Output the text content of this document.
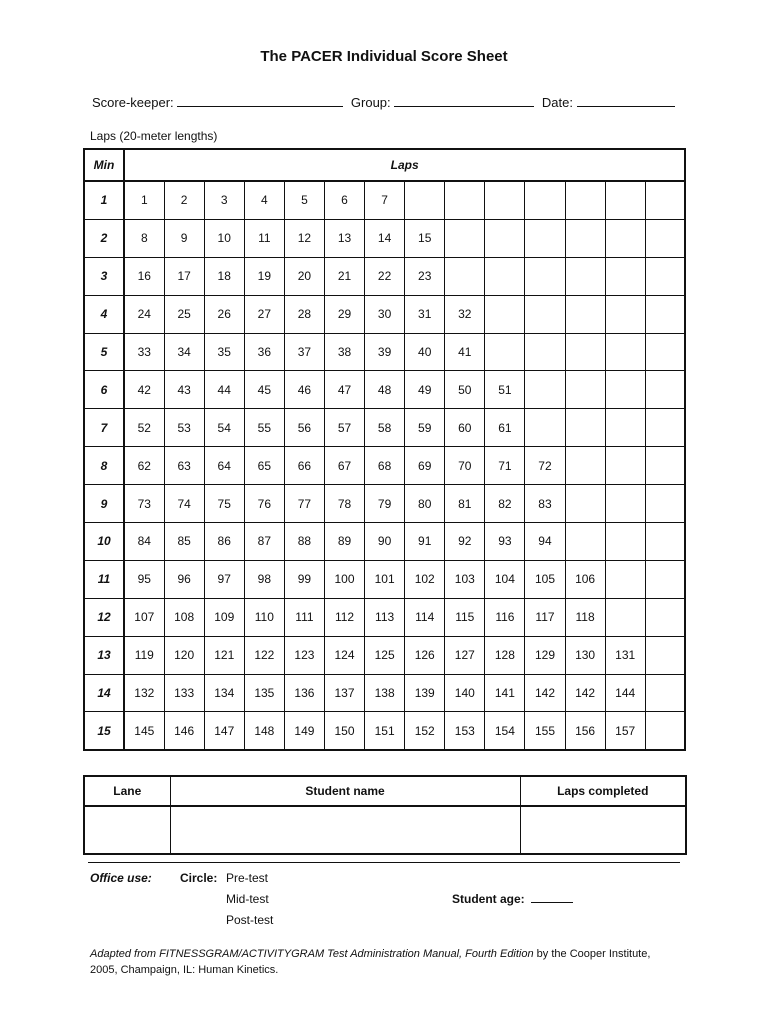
The PACER Individual Score Sheet
Score-keeper:	Group:	Date:
Laps (20-meter lengths)
Min	Laps													
1	1	2	3	4	5	6	7							
2	8	9	10	11	12	13	14	15						
3	16	17	18	19	20	21	22	23						
4	24	25	26	27	28	29	30	31	32					
5	33	34	35	36	37	38	39	40	41					
6	42	43	44	45	46	47	48	49	50	51				
7	52	53	54	55	56	57	58	59	60	61				
8	62	63	64	65	66	67	68	69	70	71	72			
9	73	74	75	76	77	78	79	80	81	82	83			
10	84	85	86	87	88	89	90	91	92	93	94			
11	95	96	97	98	99	100	101	102	103	104	105	106		
12	107	108	109	110	111	112	113	114	115	116	117	118		
13	119	120	121	122	123	124	125	126	127	128	129	130	131	
14	132	133	134	135	136	137	138	139	140	141	142	142	144	
15	145	146	147	148	149	150	151	152	153	154	155	156	157	
Lane	Student name	Laps completed

Office use: Circle: Pre-test
Mid-test
Post-test
Student age:
Adapted from FITNESSGRAM/ACTIVITYGRAM Test Administration Manual, Fourth Edition by the Cooper Institute, 2005, Champaign, IL: Human Kinetics.
